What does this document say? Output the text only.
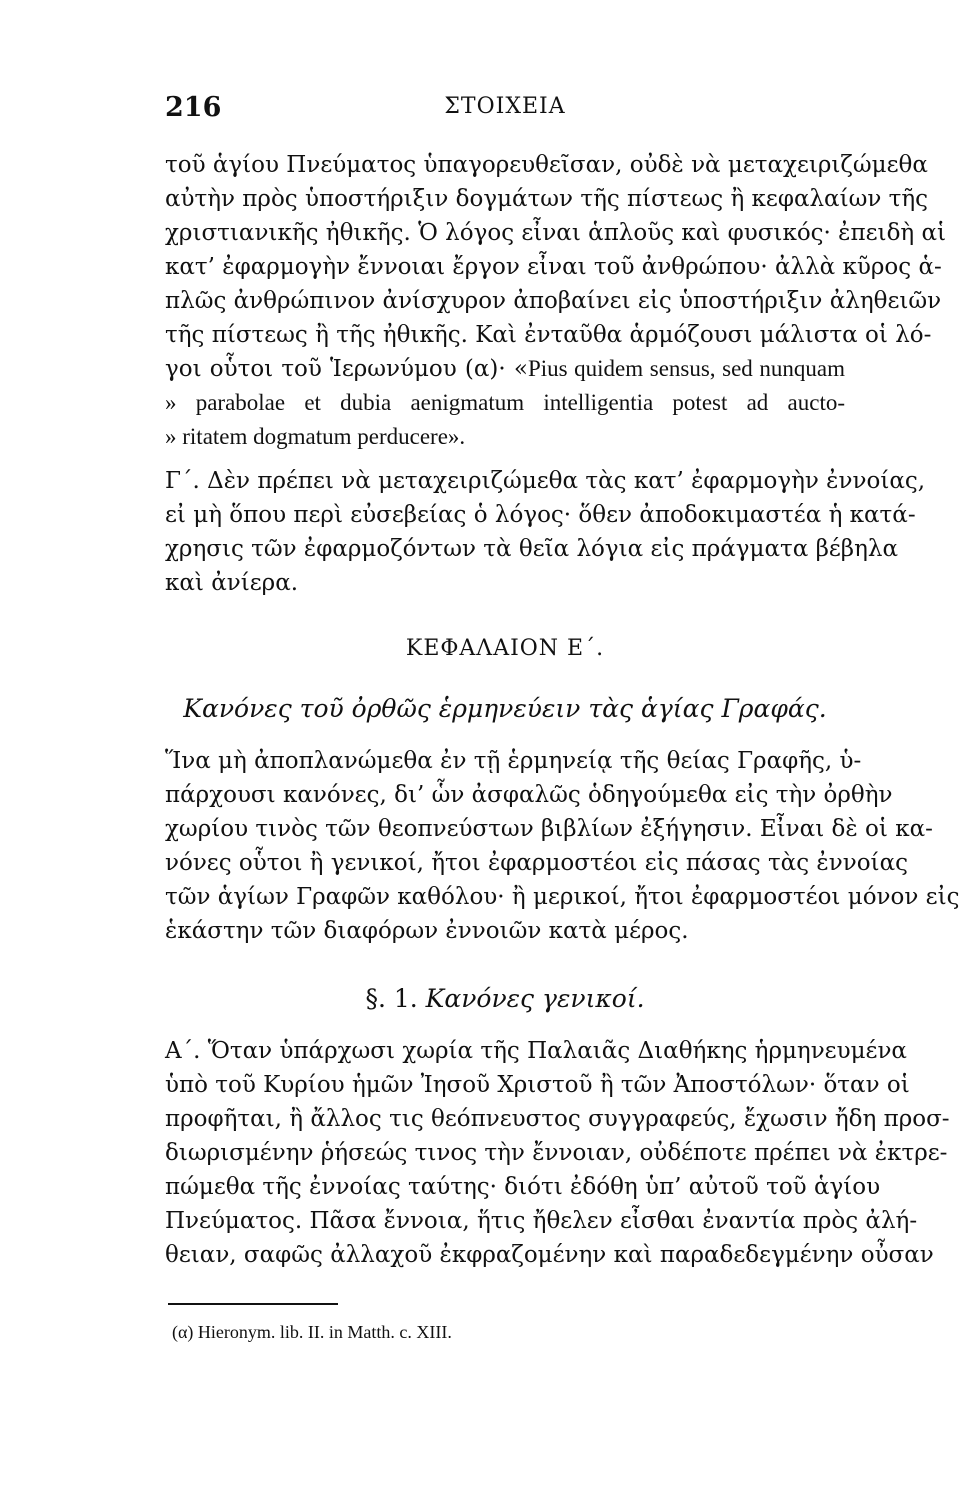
216	ΣΤΟΙΧΕΙΑ
τοῦ ἁγίου Πνεύματος ὑπαγορευθεῖσαν, οὐδὲ νὰ μεταχειριζώμεθα
αὐτὴν πρὸς ὑποστήριξιν δογμάτων τῆς πίστεως ἢ κεφαλαίων τῆς
χριστιανικῆς ἠθικῆς. Ὁ λόγος εἶναι ἁπλοῦς καὶ φυσικός· ἐπειδὴ αἱ
κατ’ ἐφαρμογὴν ἔννοιαι ἔργον εἶναι τοῦ ἀνθρώπου· ἀλλὰ κῦρος ἁ-
πλῶς ἀνθρώπινον ἀνίσχυρον ἀποβαίνει εἰς ὑποστήριξιν ἀληθειῶν
τῆς πίστεως ἢ τῆς ἠθικῆς. Καὶ ἐνταῦθα ἁρμόζουσι μάλιστα οἱ λό-
γοι οὗτοι τοῦ Ἱερωνύμου (α)· «Pius quidem sensus, sed nunquam
» parabolae et dubia aenigmatum intelligentia potest ad aucto-
» ritatem dogmatum perducere».
Γ΄. Δὲν πρέπει νὰ μεταχειριζώμεθα τὰς κατ’ ἐφαρμογὴν ἐννοίας,
εἰ μὴ ὅπου περὶ εὐσεβείας ὁ λόγος· ὅθεν ἀποδοκιμαστέα ἡ κατά-
χρησις τῶν ἐφαρμοζόντων τὰ θεῖα λόγια εἰς πράγματα βέβηλα
καὶ ἀνίερα.
ΚΕΦΑΛΑΙΟΝ Ε΄.
Κανόνες τοῦ ὀρθῶς ἑρμηνεύειν τὰς ἁγίας Γραφάς.
Ἵνα μὴ ἀποπλανώμεθα ἐν τῇ ἑρμηνείᾳ τῆς θείας Γραφῆς, ὑ-
πάρχουσι κανόνες, δι’ ὧν ἀσφαλῶς ὁδηγούμεθα εἰς τὴν ὀρθὴν
χωρίου τινὸς τῶν θεοπνεύστων βιβλίων ἐξήγησιν. Εἶναι δὲ οἱ κα-
νόνες οὗτοι ἢ γενικοί, ἤτοι ἐφαρμοστέοι εἰς πάσας τὰς ἐννοίας
τῶν ἁγίων Γραφῶν καθόλου· ἢ μερικοί, ἤτοι ἐφαρμοστέοι μόνον εἰς
ἑκάστην τῶν διαφόρων ἐννοιῶν κατὰ μέρος.
§. 1. Κανόνες γενικοί.
Α΄. Ὅταν ὑπάρχωσι χωρία τῆς Παλαιᾶς Διαθήκης ἡρμηνευμένα
ὑπὸ τοῦ Κυρίου ἡμῶν Ἰησοῦ Χριστοῦ ἢ τῶν Ἀποστόλων· ὅταν οἱ
προφῆται, ἢ ἄλλος τις θεόπνευστος συγγραφεύς, ἔχωσιν ἤδη προσ-
διωρισμένην ῥήσεώς τινος τὴν ἔννοιαν, οὐδέποτε πρέπει νὰ ἐκτρε-
πώμεθα τῆς ἐννοίας ταύτης· διότι ἐδόθη ὑπ’ αὐτοῦ τοῦ ἁγίου
Πνεύματος. Πᾶσα ἔννοια, ἥτις ἤθελεν εἶσθαι ἐναντία πρὸς ἀλή-
θειαν, σαφῶς ἀλλαχοῦ ἐκφραζομένην καὶ παραδεδεγμένην οὖσαν
(α) Hieronym. lib. II. in Matth. c. XIII.
